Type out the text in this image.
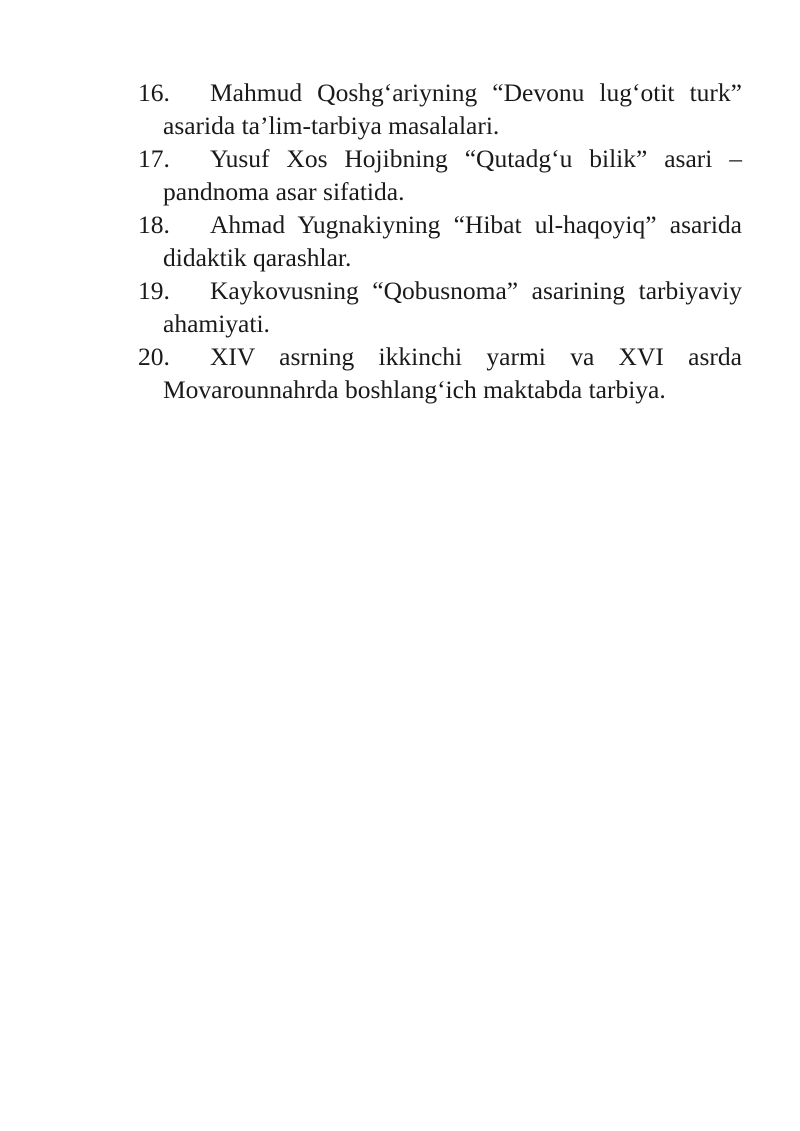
16. Mahmud Qoshg‘ariyning “Devonu lug‘otit turk”
asarida ta’lim-tarbiya masalalari.
17. Yusuf Xos Hojibning “Qutadg‘u bilik” asari –
pandnoma asar sifatida.
18. Ahmad Yugnakiyning “Hibat ul-haqoyiq” asarida
didaktik qarashlar.
19. Kaykovusning “Qobusnoma” asarining tarbiyaviy
ahamiyati.
20. XIV asrning ikkinchi yarmi va XVI asrda
Movarounnahrda boshlang‘ich maktabda tarbiya.
